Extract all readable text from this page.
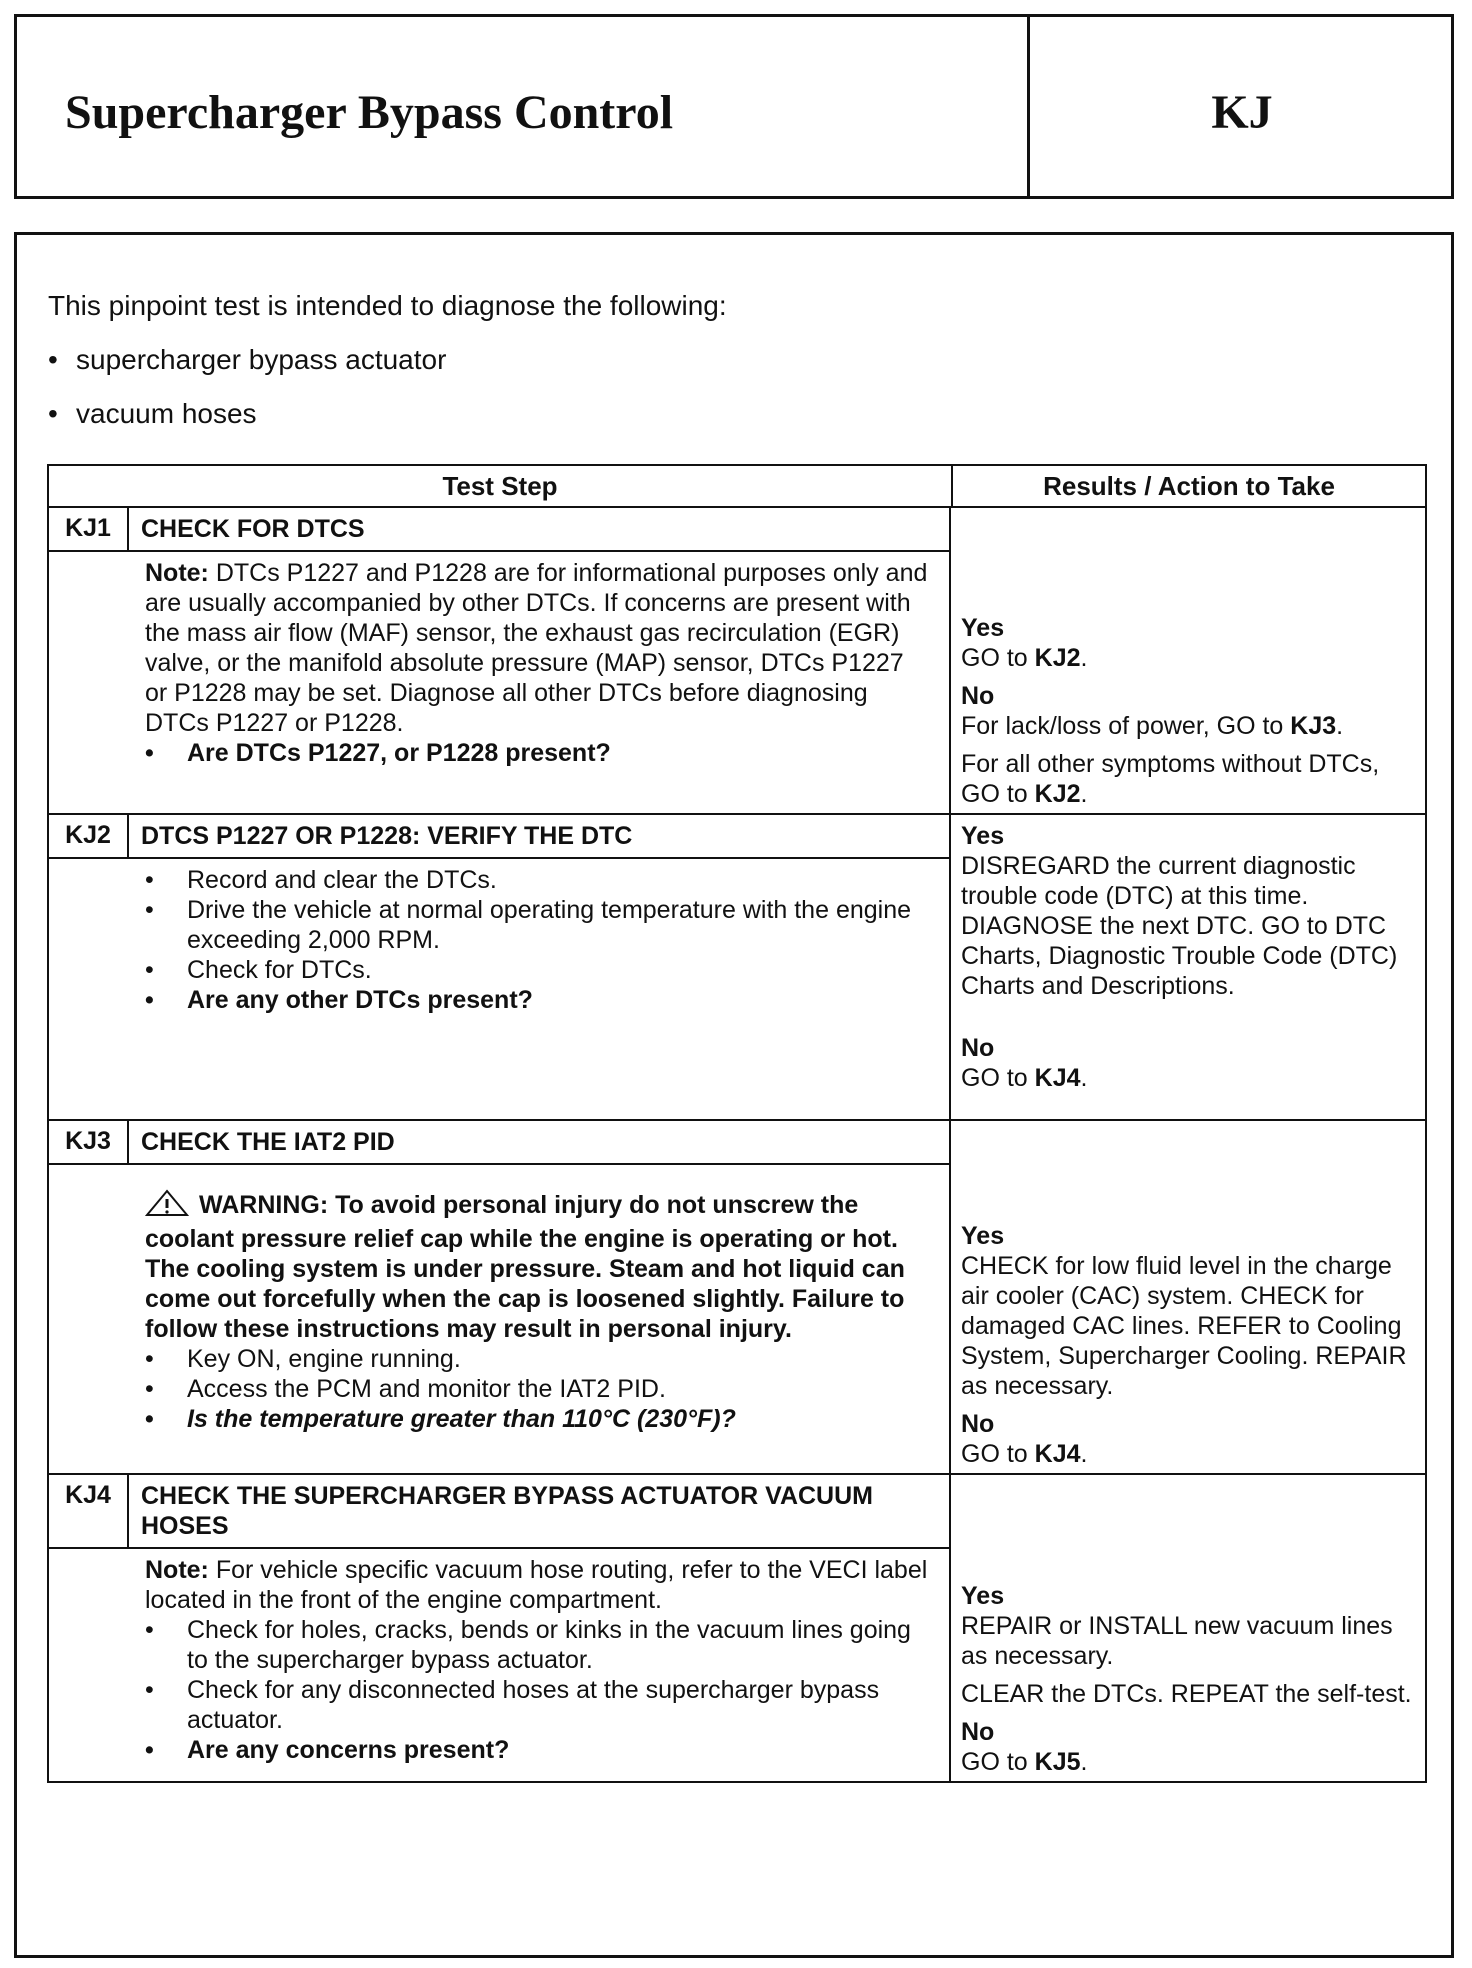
Supercharger Bypass Control	KJ
This pinpoint test is intended to diagnose the following:
• supercharger bypass actuator
• vacuum hoses
Test Step	Results / Action to Take
KJ1	CHECK FOR DTCS

Note: DTCs P1227 and P1228 are for informational purposes only and are usually accompanied by other DTCs. If concerns are present with the mass air flow (MAF) sensor, the exhaust gas recirculation (EGR) valve, or the manifold absolute pressure (MAP) sensor, DTCs P1227 or P1228 may be set. Diagnose all other DTCs before diagnosing DTCs P1227 or P1228.

•	Are DTCs P1227, or P1228 present?
Yes
GO to KJ2.
No
For lack/loss of power, GO to KJ3.
For all other symptoms without DTCs, GO to KJ2.
KJ2	DTCS P1227 OR P1228: VERIFY THE DTC
•	Record and clear the DTCs.
•	Drive the vehicle at normal operating temperature with the engine exceeding 2,000 RPM.
•	Check for DTCs.
•	Are any other DTCs present?
Yes
DISREGARD the current diagnostic trouble code (DTC) at this time. DIAGNOSE the next DTC. GO to DTC Charts, Diagnostic Trouble Code (DTC) Charts and Descriptions.
No
GO to KJ4.
KJ3	CHECK THE IAT2 PID

WARNING: To avoid personal injury do not unscrew the coolant pressure relief cap while the engine is operating or hot. The cooling system is under pressure. Steam and hot liquid can come out forcefully when the cap is loosened slightly. Failure to follow these instructions may result in personal injury.

•	Key ON, engine running.
•	Access the PCM and monitor the IAT2 PID.
•	Is the temperature greater than 110°C (230°F)?
Yes
CHECK for low fluid level in the charge air cooler (CAC) system. CHECK for damaged CAC lines. REFER to Cooling System, Supercharger Cooling. REPAIR as necessary.
No
GO to KJ4.
KJ4	CHECK THE SUPERCHARGER BYPASS ACTUATOR VACUUM HOSES

Note: For vehicle specific vacuum hose routing, refer to the VECI label located in the front of the engine compartment.

•	Check for holes, cracks, bends or kinks in the vacuum lines going to the supercharger bypass actuator.
•	Check for any disconnected hoses at the supercharger bypass actuator.
•	Are any concerns present?
Yes
REPAIR or INSTALL new vacuum lines as necessary.
CLEAR the DTCs. REPEAT the self-test.
No
GO to KJ5.
